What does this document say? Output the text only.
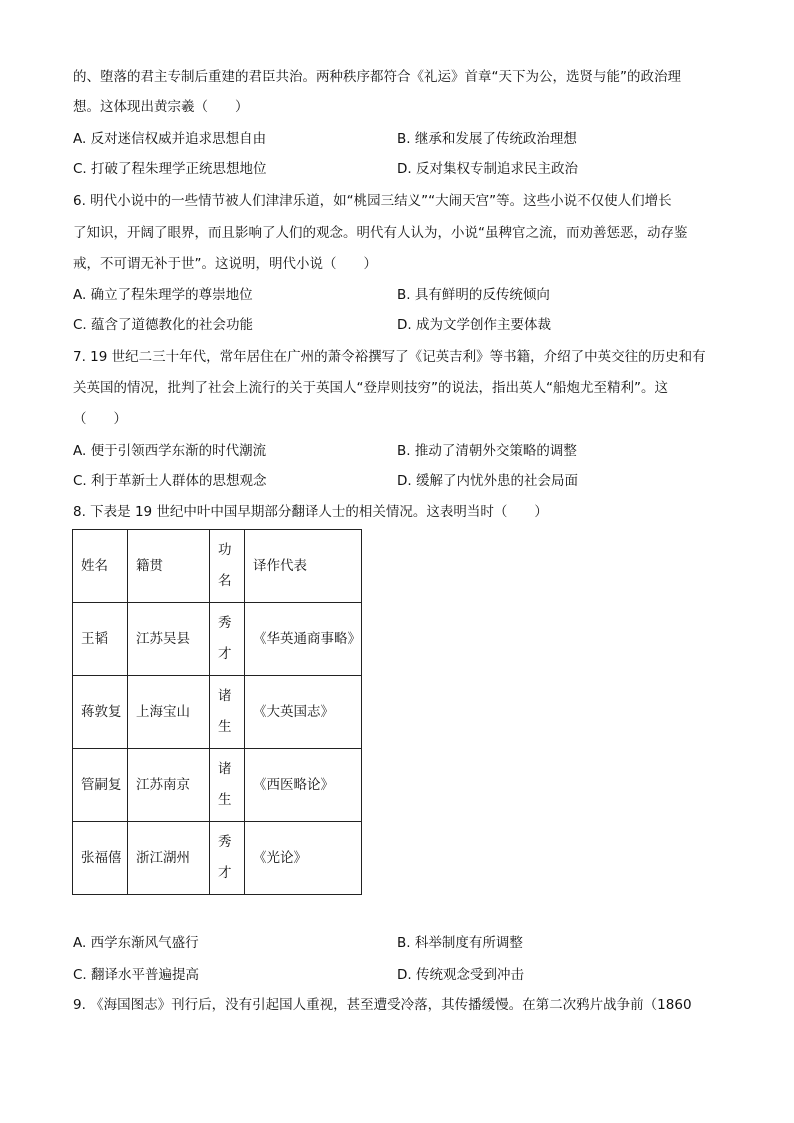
的、堕落的君主专制后重建的君臣共治。两种秩序都符合《礼运》首章“天下为公，选贤与能”的政治理
想。这体现出黄宗羲（　　）
A. 反对迷信权威并追求思想自由	B. 继承和发展了传统政治理想
C. 打破了程朱理学正统思想地位	D. 反对集权专制追求民主政治
6. 明代小说中的一些情节被人们津津乐道，如“桃园三结义”“大闹天宫”等。这些小说不仅使人们增长
了知识，开阔了眼界，而且影响了人们的观念。明代有人认为，小说“虽稗官之流，而劝善惩恶，动存鉴
戒，不可谓无补于世”。这说明，明代小说（　　）
A. 确立了程朱理学的尊崇地位	B. 具有鲜明的反传统倾向
C. 蕴含了道德教化的社会功能	D. 成为文学创作主要体裁
7. 19 世纪二三十年代，常年居住在广州的萧令裕撰写了《记英吉利》等书籍，介绍了中英交往的历史和有
关英国的情况，批判了社会上流行的关于英国人“登岸则技穷”的说法，指出英人“船炮尤至精利”。这
（　　）
A. 便于引领西学东渐的时代潮流	B. 推动了清朝外交策略的调整
C. 利于革新士人群体的思想观念	D. 缓解了内忧外患的社会局面
8. 下表是 19 世纪中叶中国早期部分翻译人士的相关情况。这表明当时（　　）
姓名	籍贯	功名	译作代表

王韬	江苏吴县	秀才	《华英通商事略》

蒋敦复	上海宝山	诸生	《大英国志》

管嗣复	江苏南京	诸生	《西医略论》

张福僖	浙江湖州	秀才	《光论》
A. 西学东渐风气盛行	B. 科举制度有所调整
C. 翻译水平普遍提高	D. 传统观念受到冲击
9. 《海国图志》刊行后，没有引起国人重视，甚至遭受冷落，其传播缓慢。在第二次鸦片战争前（1860
